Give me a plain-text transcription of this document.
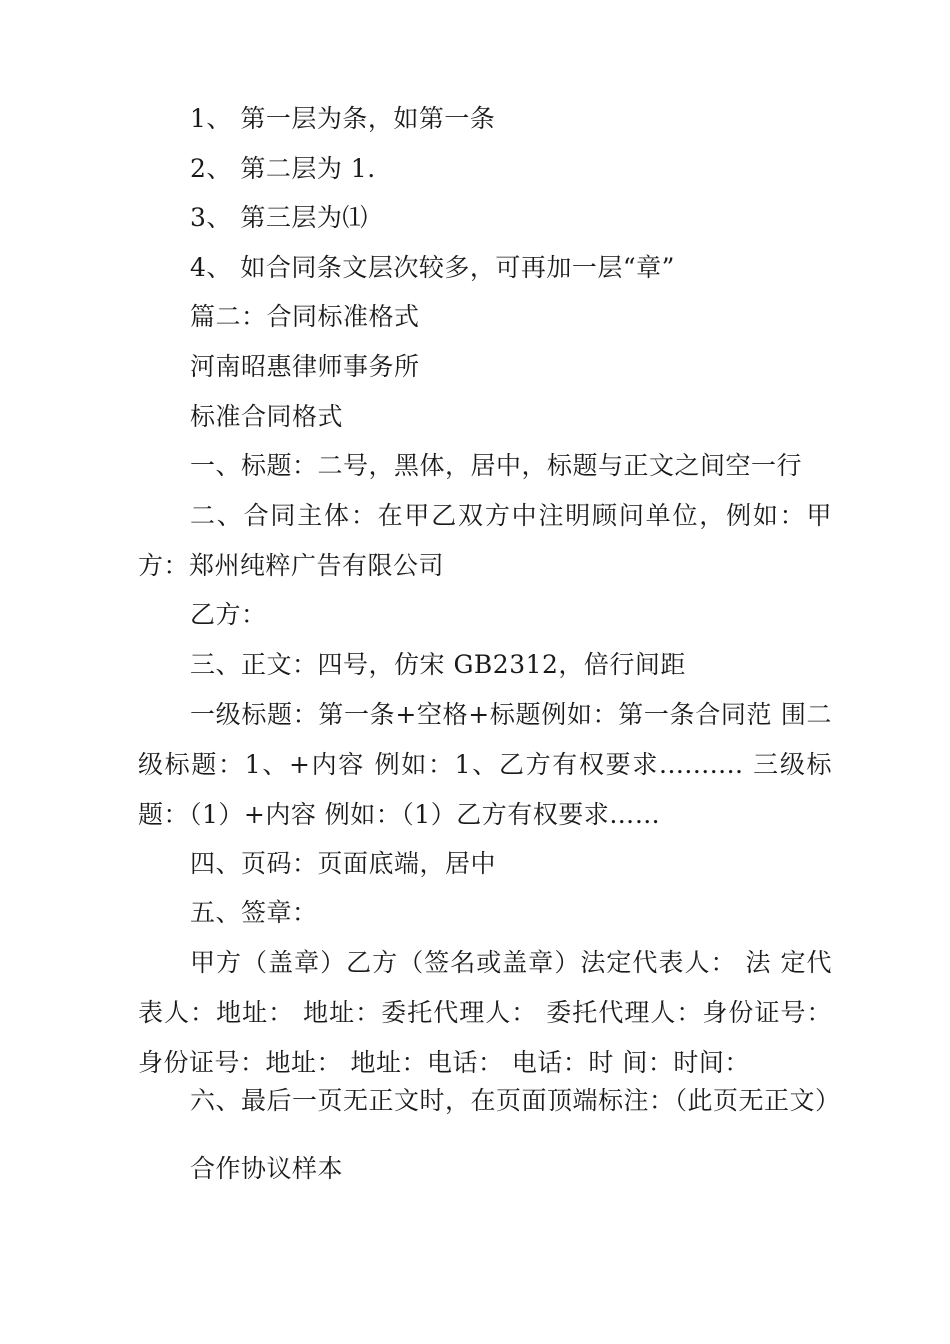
1、 第一层为条，如第一条

2、 第二层为 1.

3、 第三层为⑴

4、 如合同条文层次较多，可再加一层“章”

篇二：合同标准格式

河南昭惠律师事务所

标准合同格式

一、标题：二号，黑体，居中，标题与正文之间空一行

二、合同主体：在甲乙双方中注明顾问单位，例如：甲方：郑州纯粹广告有限公司

乙方：

三、正文：四号，仿宋 GB2312，倍行间距

一级标题：第一条+空格+标题例如：第一条合同范 围二级标题：1、+内容 例如：1、乙方有权要求.......... 三级标题：（1）+内容 例如：（1）乙方有权要求……

四、页码：页面底端，居中

五、签章：

甲方（盖章）乙方（签名或盖章）法定代表人： 法 定代表人：地址： 地址：委托代理人： 委托代理人：身份证号：身份证号：地址： 地址：电话： 电话：时 间：时间：

六、最后一页无正文时，在页面顶端标注：（此页无正文）

合作协议样本
